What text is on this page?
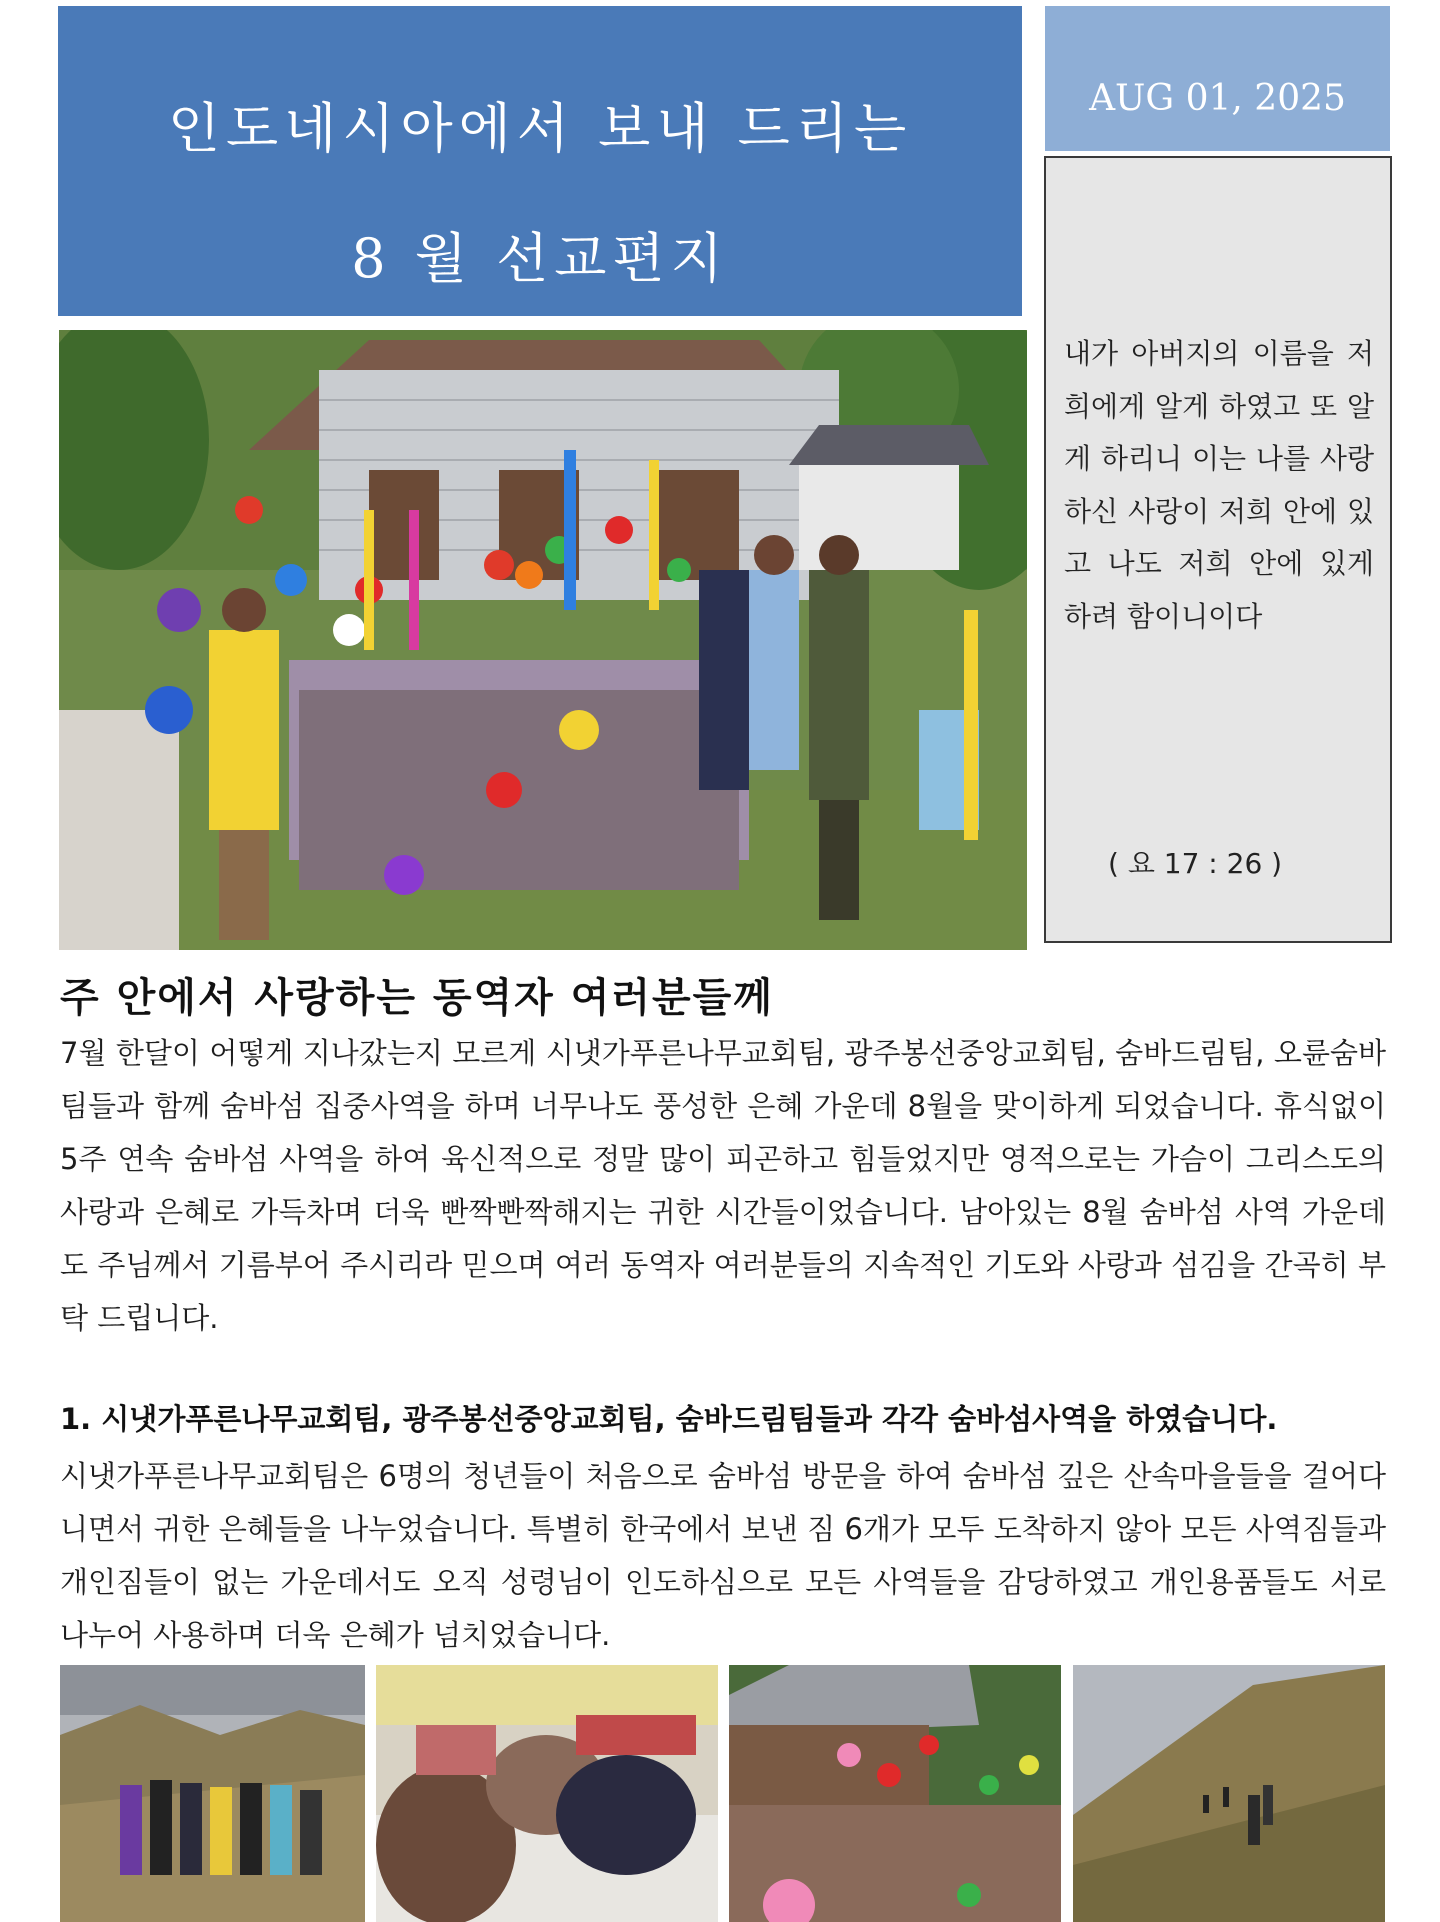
인도네시아에서 보내 드리는
8 월 선교편지
AUG 01, 2025
내가 아버지의 이름을 저희에게 알게 하였고 또 알게 하리니 이는 나를 사랑하신 사랑이 저희 안에 있고 나도 저희 안에 있게 하려 함이니이다
( 요 17 : 26 )
주 안에서 사랑하는 동역자 여러분들께
7월 한달이 어떻게 지나갔는지 모르게 시냇가푸른나무교회팀, 광주봉선중앙교회팀, 숨바드림팀, 오륜숨바팀들과 함께 숨바섬 집중사역을 하며 너무나도 풍성한 은혜 가운데 8월을 맞이하게 되었습니다. 휴식없이 5주 연속 숨바섬 사역을 하여 육신적으로 정말 많이 피곤하고 힘들었지만 영적으로는 가슴이 그리스도의 사랑과 은혜로 가득차며 더욱 빤짝빤짝해지는 귀한 시간들이었습니다. 남아있는 8월 숨바섬 사역 가운데도 주님께서 기름부어 주시리라 믿으며 여러 동역자 여러분들의 지속적인 기도와 사랑과 섬김을 간곡히 부탁 드립니다.
1. 시냇가푸른나무교회팀, 광주봉선중앙교회팀, 숨바드림팀들과 각각 숨바섬사역을 하였습니다.
시냇가푸른나무교회팀은 6명의 청년들이 처음으로 숨바섬 방문을 하여 숨바섬 깊은 산속마을들을 걸어다니면서 귀한 은혜들을 나누었습니다. 특별히 한국에서 보낸 짐 6개가 모두 도착하지 않아 모든 사역짐들과 개인짐들이 없는 가운데서도 오직 성령님이 인도하심으로 모든 사역들을 감당하였고 개인용품들도 서로 나누어 사용하며 더욱 은혜가 넘치었습니다.
